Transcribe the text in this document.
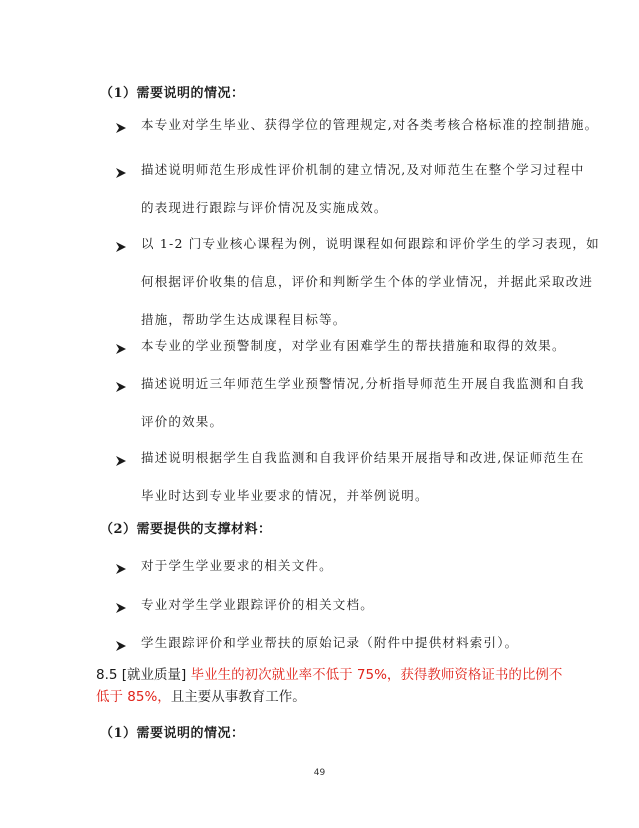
（1）需要说明的情况：
本专业对学生毕业、获得学位的管理规定,对各类考核合格标准的控制措施。
描述说明师范生形成性评价机制的建立情况,及对师范生在整个学习过程中
的表现进行跟踪与评价情况及实施成效。
以 1-2 门专业核心课程为例，说明课程如何跟踪和评价学生的学习表现，如
何根据评价收集的信息，评价和判断学生个体的学业情况，并据此采取改进
措施，帮助学生达成课程目标等。
本专业的学业预警制度，对学业有困难学生的帮扶措施和取得的效果。
描述说明近三年师范生学业预警情况,分析指导师范生开展自我监测和自我
评价的效果。
描述说明根据学生自我监测和自我评价结果开展指导和改进,保证师范生在
毕业时达到专业毕业要求的情况，并举例说明。
（2）需要提供的支撑材料：
对于学生学业要求的相关文件。
专业对学生学业跟踪评价的相关文档。
学生跟踪评价和学业帮扶的原始记录（附件中提供材料索引）。
8.5 [就业质量] 毕业生的初次就业率不低于 75%，获得教师资格证书的比例不低于 85%，且主要从事教育工作。
（1）需要说明的情况：
49
